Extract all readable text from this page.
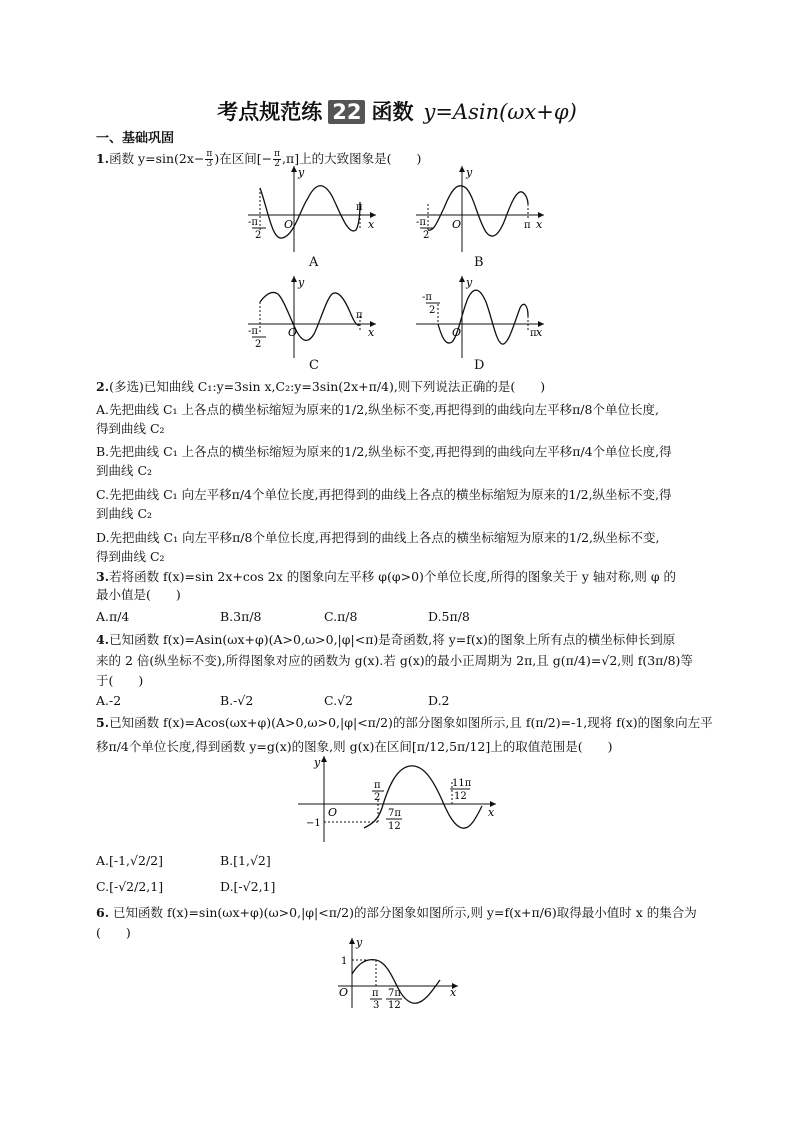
考点规范练 22 函数 y=Asin(ωx+φ)
一、基础巩固
1.函数 $y=\sin(2x- \frac{\pi}{3}$ )在区间[− $\frac{\pi}{2} ,\pi$]上的大致图象是(　　)
y
x
O
-π
2
π
A
y
x
O
-π
2
π
B
y
x
O
-π
2
π
C
y
x
O
-π
2
π
D
2.(多选)已知曲线 C₁:y=3sin x,C₂:y=3sin(2x+π/4),则下列说法正确的是(　　)
A.先把曲线 C₁ 上各点的横坐标缩短为原来的1/2,纵坐标不变,再把得到的曲线向左平移π/8个单位长度,
得到曲线 C₂
B.先把曲线 C₁ 上各点的横坐标缩短为原来的1/2,纵坐标不变,再把得到的曲线向左平移π/4个单位长度,得
到曲线 C₂
C.先把曲线 C₁ 向左平移π/4个单位长度,再把得到的曲线上各点的横坐标缩短为原来的1/2,纵坐标不变,得
到曲线 C₂
D.先把曲线 C₁ 向左平移π/8个单位长度,再把得到的曲线上各点的横坐标缩短为原来的1/2,纵坐标不变,
得到曲线 C₂
3.若将函数 f(x)=sin 2x+cos 2x 的图象向左平移 φ(φ>0)个单位长度,所得的图象关于 y 轴对称,则 φ 的
最小值是(　　)
A.π/4	B.3π/8	C.π/8	D.5π/8
4.已知函数 f(x)=Asin(ωx+φ)(A>0,ω>0,|φ|<π)是奇函数,将 y=f(x)的图象上所有点的横坐标伸长到原
来的 2 倍(纵坐标不变),所得图象对应的函数为 g(x).若 g(x)的最小正周期为 2π,且 g(π/4)=√2,则 f(3π/8)等
于(　　)
A.-2	B.-√2	C.√2	D.2
5.已知函数 f(x)=Acos(ωx+φ)(A>0,ω>0,|φ|<π/2)的部分图象如图所示,且 f(π/2)=-1,现将 f(x)的图象向左平
移π/4个单位长度,得到函数 y=g(x)的图象,则 g(x)在区间[π/12,5π/12]上的取值范围是(　　)
y
x
O
−1
π
2
7π
12
11π
12
A.[-1,√2/2]	B.[1,√2]
C.[-√2/2,1]	D.[-√2,1]
6. 已知函数 f(x)=sin(ωx+φ)(ω>0,|φ|<π/2)的部分图象如图所示,则 y=f(x+π/6)取得最小值时 x 的集合为
(　　)
y
x
O
1
π
3
7π
12
